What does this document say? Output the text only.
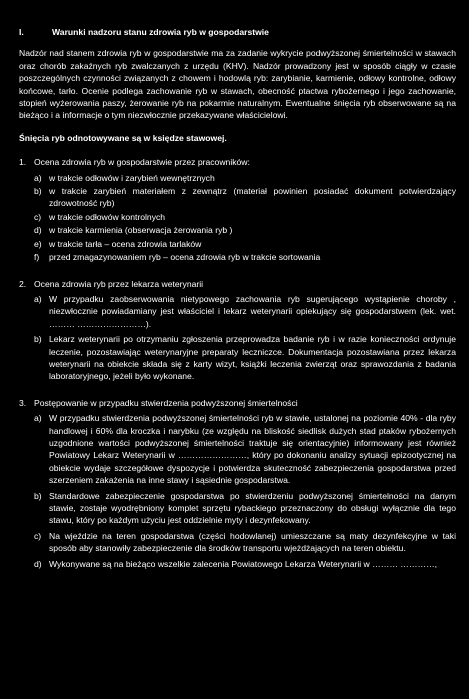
I.	Warunki nadzoru stanu zdrowia ryb w gospodarstwie

Nadzór nad stanem zdrowia ryb w gospodarstwie ma za zadanie wykrycie podwyższonej śmiertelności w stawach oraz chorób zakaźnych ryb zwalczanych z urzędu (KHV). Nadzór prowadzony jest w sposób ciągły w czasie poszczególnych czynności związanych z chowem i hodowlą ryb: zarybianie, karmienie, odłowy kontrolne, odłowy końcowe, tarło. Ocenie podlega zachowanie ryb w stawach, obecność ptactwa rybożernego i jego zachowanie, stopień wyżerowania paszy, żerowanie ryb na pokarmie naturalnym. Ewentualne śnięcia ryb obserwowane są na bieżąco i a informacje o tym niezwłocznie przekazywane właścicielowi.

Śnięcia ryb odnotowywane są w księdze stawowej.

1. Ocena zdrowia ryb w gospodarstwie przez pracowników:
a) w trakcie odłowów i zarybień wewnętrznych
b) w trakcie zarybień materiałem z zewnątrz (materiał powinien posiadać dokument potwierdzający zdrowotność ryb)
c) w trakcie odłowów kontrolnych
d) w trakcie karmienia (obserwacja żerowania ryb )
e) w trakcie tarła – ocena zdrowia tarlaków
f)	przed zmagazynowaniem ryb – ocena zdrowia ryb w trakcie sortowania
2. Ocena zdrowia ryb przez lekarza weterynarii
a) W przypadku zaobserwowania nietypowego zachowania ryb sugerującego wystąpienie choroby , niezwłocznie powiadamiany jest właściciel i lekarz weterynarii opiekujący się gospodarstwem (lek. wet. ……… ……………………).
b) Lekarz weterynarii po otrzymaniu zgłoszenia przeprowadza badanie ryb i w razie konieczności ordynuje leczenie, pozostawiając weterynaryjne preparaty leczniczce. Dokumentacja pozostawiana przez lekarza weterynarii na obiekcie składa się z karty wizyt, książki leczenia zwierząt oraz sprawozdania z badania laboratoryjnego, jeżeli było wykonane.
3. Postępowanie w przypadku stwierdzenia podwyższonej śmiertelności
a) W przypadku stwierdzenia podwyższonej śmiertelności ryb w stawie, ustalonej na poziomie 40% - dla ryby handlowej i 60% dla kroczka i narybku (ze względu na bliskość siedlisk dużych stad ptaków rybożernych uzgodnione wartości podwyższonej śmiertelności traktuje się orientacyjnie) informowany jest również Powiatowy Lekarz Weterynarii w ……………………, który po dokonaniu analizy sytuacji epizootycznej na obiekcie wydaje szczegółowe dyspozycje i potwierdza skuteczność zabezpieczenia gospodarstwa przed szerzeniem zakażenia na inne stawy i sąsiednie gospodarstwa.
b) Standardowe zabezpieczenie gospodarstwa po stwierdzeniu podwyższonej śmiertelności na danym stawie, zostaje wyodrębniony komplet sprzętu rybackiego przeznaczony do obsługi wyłącznie dla tego stawu, który po każdym użyciu jest oddzielnie myty i dezynfekowany.
c) Na wjeździe na teren gospodarstwa (części hodowlanej) umieszczane są maty dezynfekcyjne w taki sposób aby stanowiły zabezpieczenie dla środków transportu wjeżdżających na teren obiektu.
d) Wykonywane są na bieżąco wszelkie zalecenia Powiatowego Lekarza Weterynarii w ……… …………,
